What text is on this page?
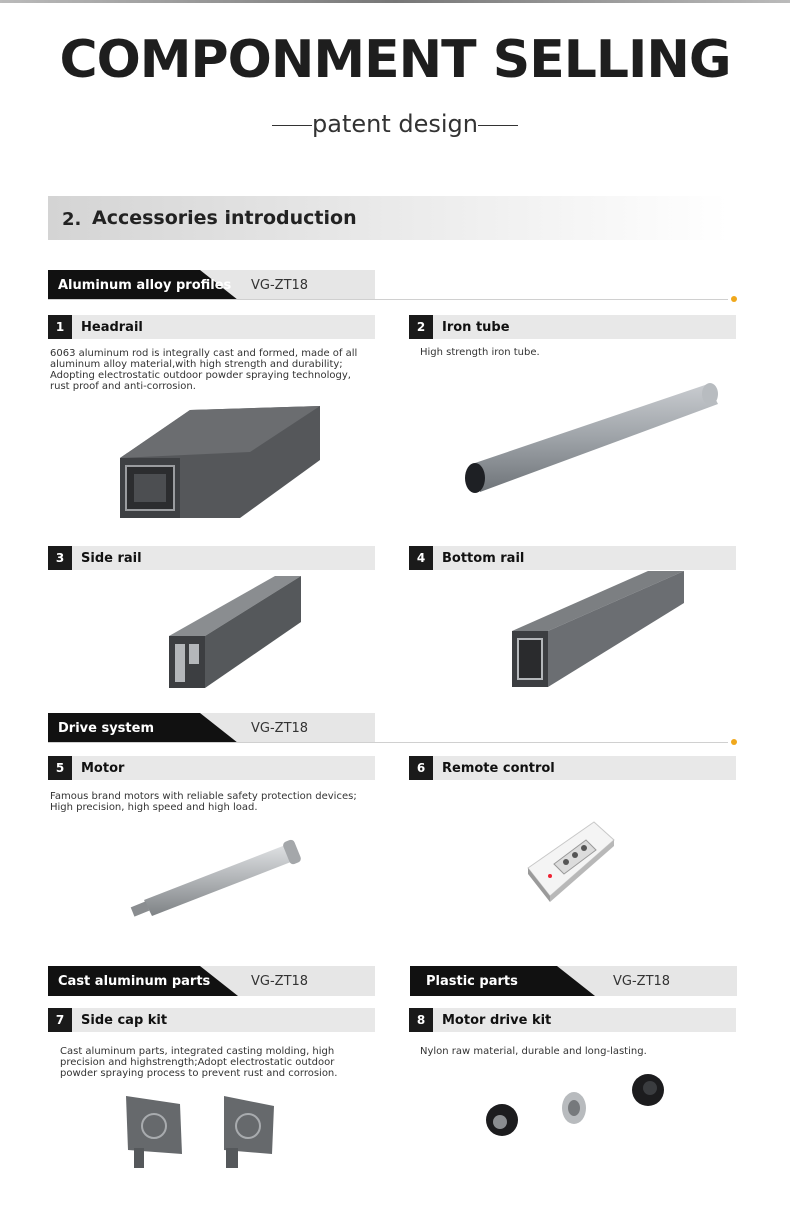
COMPONMENT SELLING
patent design
2. Accessories introduction
Aluminum alloy profiles VG-ZT18
1	Headrail
6063 aluminum rod is integrally cast and formed, made of all aluminum alloy material,with high strength and durability; Adopting electrostatic outdoor powder spraying technology, rust proof and anti-corrosion.
2	Iron tube
High strength iron tube.
3	Side rail	4	Bottom rail
Drive system	VG-ZT18
5	Motor
Famous brand motors with reliable safety protection devices; High precision, high speed and high load.
6	Remote control
Cast aluminum parts	VG-ZT18	Plastic parts	VG-ZT18
7	Side cap kit
Cast aluminum parts, integrated casting molding, high precision and highstrength;Adopt electrostatic outdoor powder spraying process to prevent rust and corrosion.
8	Motor drive kit
Nylon raw material, durable and long-lasting.
